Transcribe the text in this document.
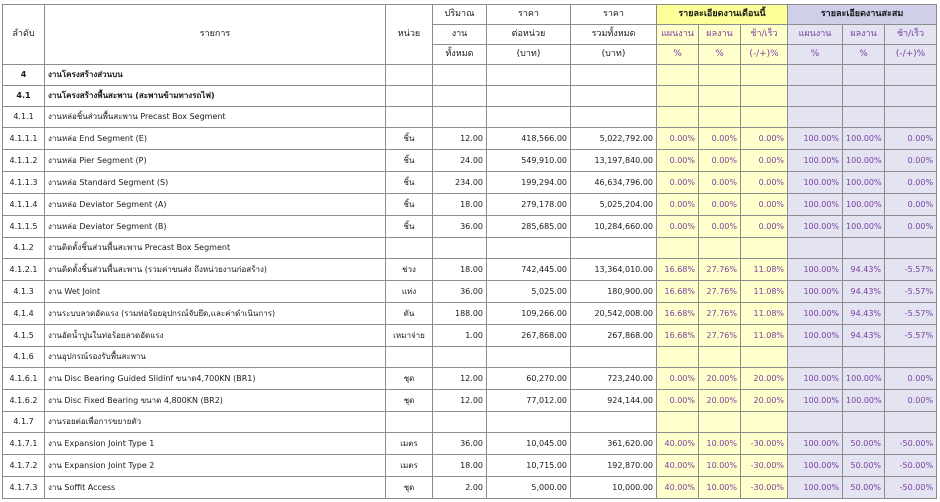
ลำดับ	รายการ	หน่วย	ปริมาณ	ราคา	ราคา	รายละเอียดงานเดือนนี้			รายละเอียดงานสะสม		
			งาน	ต่อหน่วย	รวมทั้งหมด	แผนงาน	ผลงาน	ช้า/เร็ว	แผนงาน	ผลงาน	ช้า/เร็ว
			ทั้งหมด	(บาท)	(บาท)	%	%	(-/+)%	%	%	(-/+)%
4	งานโครงสร้างส่วนบน										
4.1	งานโครงสร้างพื้นสะพาน (สะพานข้ามทางรถไฟ)										
4.1.1	งานหล่อชิ้นส่วนพื้นสะพาน Precast Box Segment										
4.1.1.1	งานหล่อ End Segment (E)	ชิ้น	12.00	418,566.00	5,022,792.00	0.00%	0.00%	0.00%	100.00%	100.00%	0.00%
4.1.1.2	งานหล่อ Pier Segment (P)	ชิ้น	24.00	549,910.00	13,197,840.00	0.00%	0.00%	0.00%	100.00%	100.00%	0.00%
4.1.1.3	งานหล่อ Standard Segment (S)	ชิ้น	234.00	199,294.00	46,634,796.00	0.00%	0.00%	0.00%	100.00%	100.00%	0.00%
4.1.1.4	งานหล่อ Deviator Segment (A)	ชิ้น	18.00	279,178.00	5,025,204.00	0.00%	0.00%	0.00%	100.00%	100.00%	0.00%
4.1.1.5	งานหล่อ Deviator Segment (B)	ชิ้น	36.00	285,685.00	10,284,660.00	0.00%	0.00%	0.00%	100.00%	100.00%	0.00%
4.1.2	งานติดตั้งชิ้นส่วนพื้นสะพาน Precast Box Segment										
4.1.2.1	งานติดตั้งชิ้นส่วนพื้นสะพาน (รวมค่าขนส่ง ถึงหน่วยงานก่อสร้าง)	ช่วง	18.00	742,445.00	13,364,010.00	16.68%	27.76%	11.08%	100.00%	94.43%	-5.57%
4.1.3	งาน Wet Joint	แห่ง	36.00	5,025.00	180,900.00	16.68%	27.76%	11.08%	100.00%	94.43%	-5.57%
4.1.4	งานระบบลวดอัดแรง (รวมท่อร้อยอุปกรณ์จับยึด,และค่าดำเนินการ)	ตัน	188.00	109,266.00	20,542,008.00	16.68%	27.76%	11.08%	100.00%	94.43%	-5.57%
4.1.5	งานอัดน้ำปูนในท่อร้อยลวดอัดแรง	เหมาจ่าย	1.00	267,868.00	267,868.00	16.68%	27.76%	11.08%	100.00%	94.43%	-5.57%
4.1.6	งานอุปกรณ์รองรับพื้นสะพาน										
4.1.6.1	งาน Disc Bearing Guided Slidinf ขนาด4,700KN (BR1)	ชุด	12.00	60,270.00	723,240.00	0.00%	20.00%	20.00%	100.00%	100.00%	0.00%
4.1.6.2	งาน Disc Fixed Bearing ขนาด 4,800KN (BR2)	ชุด	12.00	77,012.00	924,144.00	0.00%	20.00%	20.00%	100.00%	100.00%	0.00%
4.1.7	งานรอยต่อเพื่อการขยายตัว										
4.1.7.1	งาน Expansion Joint Type 1	เมตร	36.00	10,045.00	361,620.00	40.00%	10.00%	-30.00%	100.00%	50.00%	-50.00%
4.1.7.2	งาน Expansion Joint Type 2	เมตร	18.00	10,715.00	192,870.00	40.00%	10.00%	-30.00%	100.00%	50.00%	-50.00%
4.1.7.3	งาน Soffit Access	ชุด	2.00	5,000.00	10,000.00	40.00%	10.00%	-30.00%	100.00%	50.00%	-50.00%
